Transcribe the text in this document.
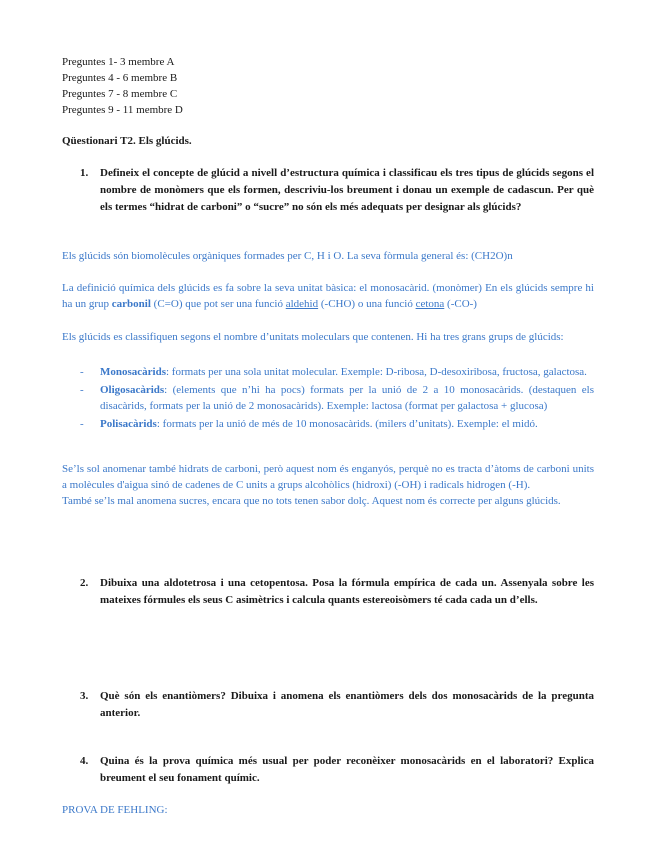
Preguntes 1- 3 membre A
Preguntes 4 - 6 membre B
Preguntes 7 - 8 membre C
Preguntes 9 - 11 membre D
Qüestionari T2. Els glúcids.
1. Defineix el concepte de glúcid a nivell d’estructura química i classificau els tres tipus de glúcids segons el nombre de monòmers que els formen, descriviu-los breument i donau un exemple de cadascun. Per què els termes “hidrat de carboni” o “sucre” no són els més adequats per designar als glúcids?
Els glúcids són biomolècules orgàniques formades per C, H i O. La seva fòrmula general és: (CH2O)n
La definició química dels glúcids es fa sobre la seva unitat bàsica: el monosacàrid. (monòmer) En els glúcids sempre hi ha un grup carbonil (C=O) que pot ser una funció aldehid (-CHO) o una funció cetona (-CO-)
Els glúcids es classifiquen segons el nombre d’unitats moleculars que contenen. Hi ha tres grans grups de glúcids:
- Monosacàrids: formats per una sola unitat molecular. Exemple: D-ribosa, D-desoxiribosa, fructosa, galactosa.
- Oligosacàrids: (elements que n’hi ha pocs) formats per la unió de 2 a 10 monosacàrids. (destaquen els disacàrids, formats per la unió de 2 monosacàrids). Exemple: lactosa (format per galactosa + glucosa)
- Polisacàrids: formats per la unió de més de 10 monosacàrids. (milers d’unitats). Exemple: el midó.
Se’ls sol anomenar també hidrats de carboni, però aquest nom és enganyós, perquè no es tracta d’àtoms de carboni units a molècules d'aigua sinó de cadenes de C units a grups alcohòlics (hidroxi) (-OH) i radicals hidrogen (-H).
També se’ls mal anomena sucres, encara que no tots tenen sabor dolç. Aquest nom és correcte per alguns glúcids.
2. Dibuixa una aldotetrosa i una cetopentosa. Posa la fórmula empírica de cada un. Assenyala sobre les mateixes fórmules els seus C asimètrics i calcula quants estereoisòmers té cada cada un d’ells.
3. Què són els enantiòmers? Dibuixa i anomena els enantiòmers dels dos monosacàrids de la pregunta anterior.
4. Quina és la prova química més usual per poder reconèixer monosacàrids en el laboratori? Explica breument el seu fonament químic.
PROVA DE FEHLING:
